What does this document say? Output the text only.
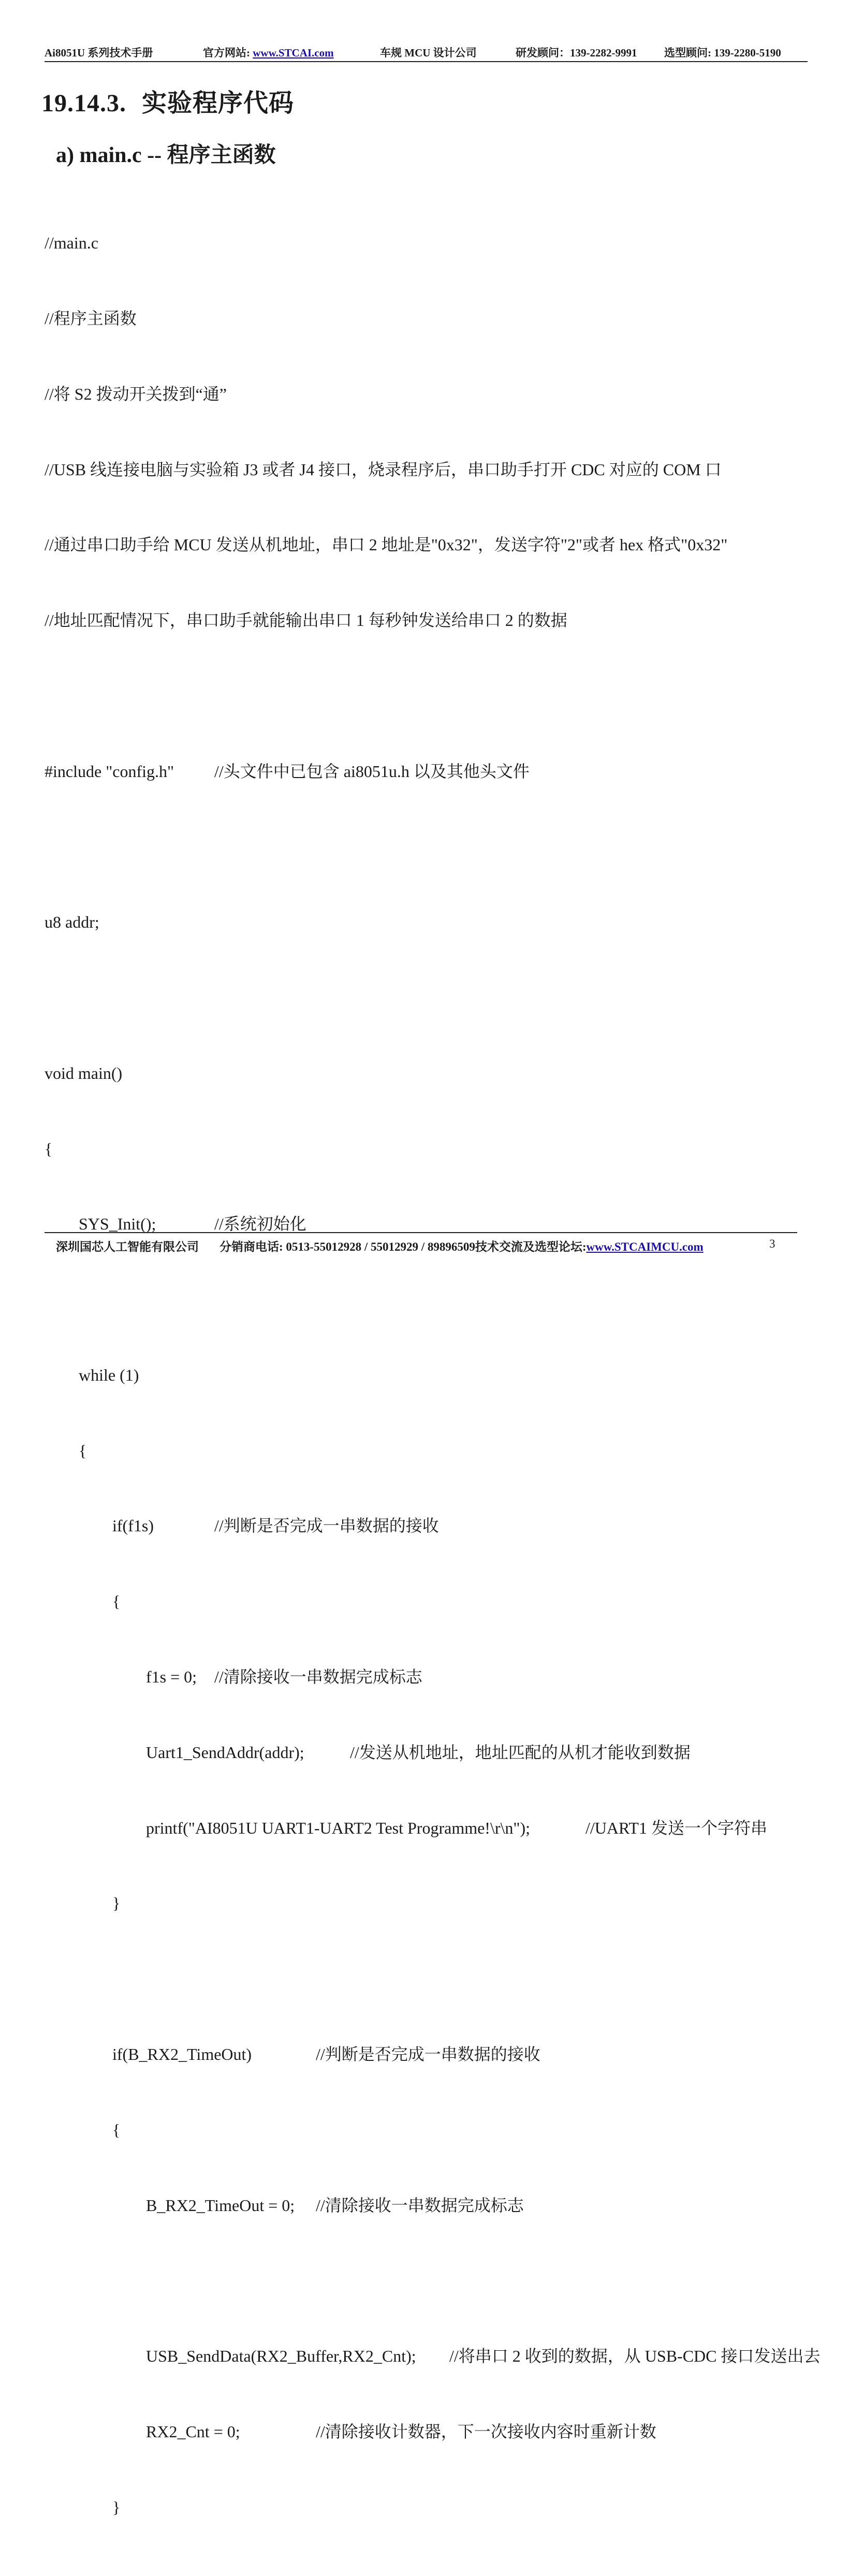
Ai8051U 系列技术手册	官方网站: www.STCAI.com	车规 MCU 设计公司	研发顾问：139-2282-9991	选型顾问: 139-2280-5190
19.14.3. 实验程序代码
a) main.c -- 程序主函数

//main.c

//程序主函数

//将 S2 拨动开关拨到“通”

//USB 线连接电脑与实验箱 J3 或者 J4 接口，烧录程序后，串口助手打开 CDC 对应的 COM 口

//通过串口助手给 MCU 发送从机地址，串口 2 地址是"0x32"，发送字符"2"或者 hex 格式"0x32"

//地址匹配情况下，串口助手就能输出串口 1 每秒钟发送给串口 2 的数据

#include "config.h"

//头文件中已包含 ai8051u.h 以及其他头文件

u8 addr;

void main()

{

SYS_Init();

	//系统初始化

while (1)

{

if(f1s)

	//判断是否完成一串数据的接收

{

f1s = 0;

//清除接收一串数据完成标志

Uart1_SendAddr(addr);

	//发送从机地址，地址匹配的从机才能收到数据

printf("AI8051U UART1-UART2 Test Programme!\r\n");

	//UART1 发送一个字符串

}

if(B_RX2_TimeOut)

	//判断是否完成一串数据的接收

{

B_RX2_TimeOut = 0;

//清除接收一串数据完成标志

USB_SendData(RX2_Buffer,RX2_Cnt);

//将串口 2 收到的数据，从 USB-CDC 接口发送出去

RX2_Cnt = 0;

	//清除接收计数器，下一次接收内容时重新计数

}

深圳国芯人工智能有限公司 分销商电话: 0513-55012928 / 55012929 / 89896509技术交流及选型论坛:www.STCAIMCU.com	3
